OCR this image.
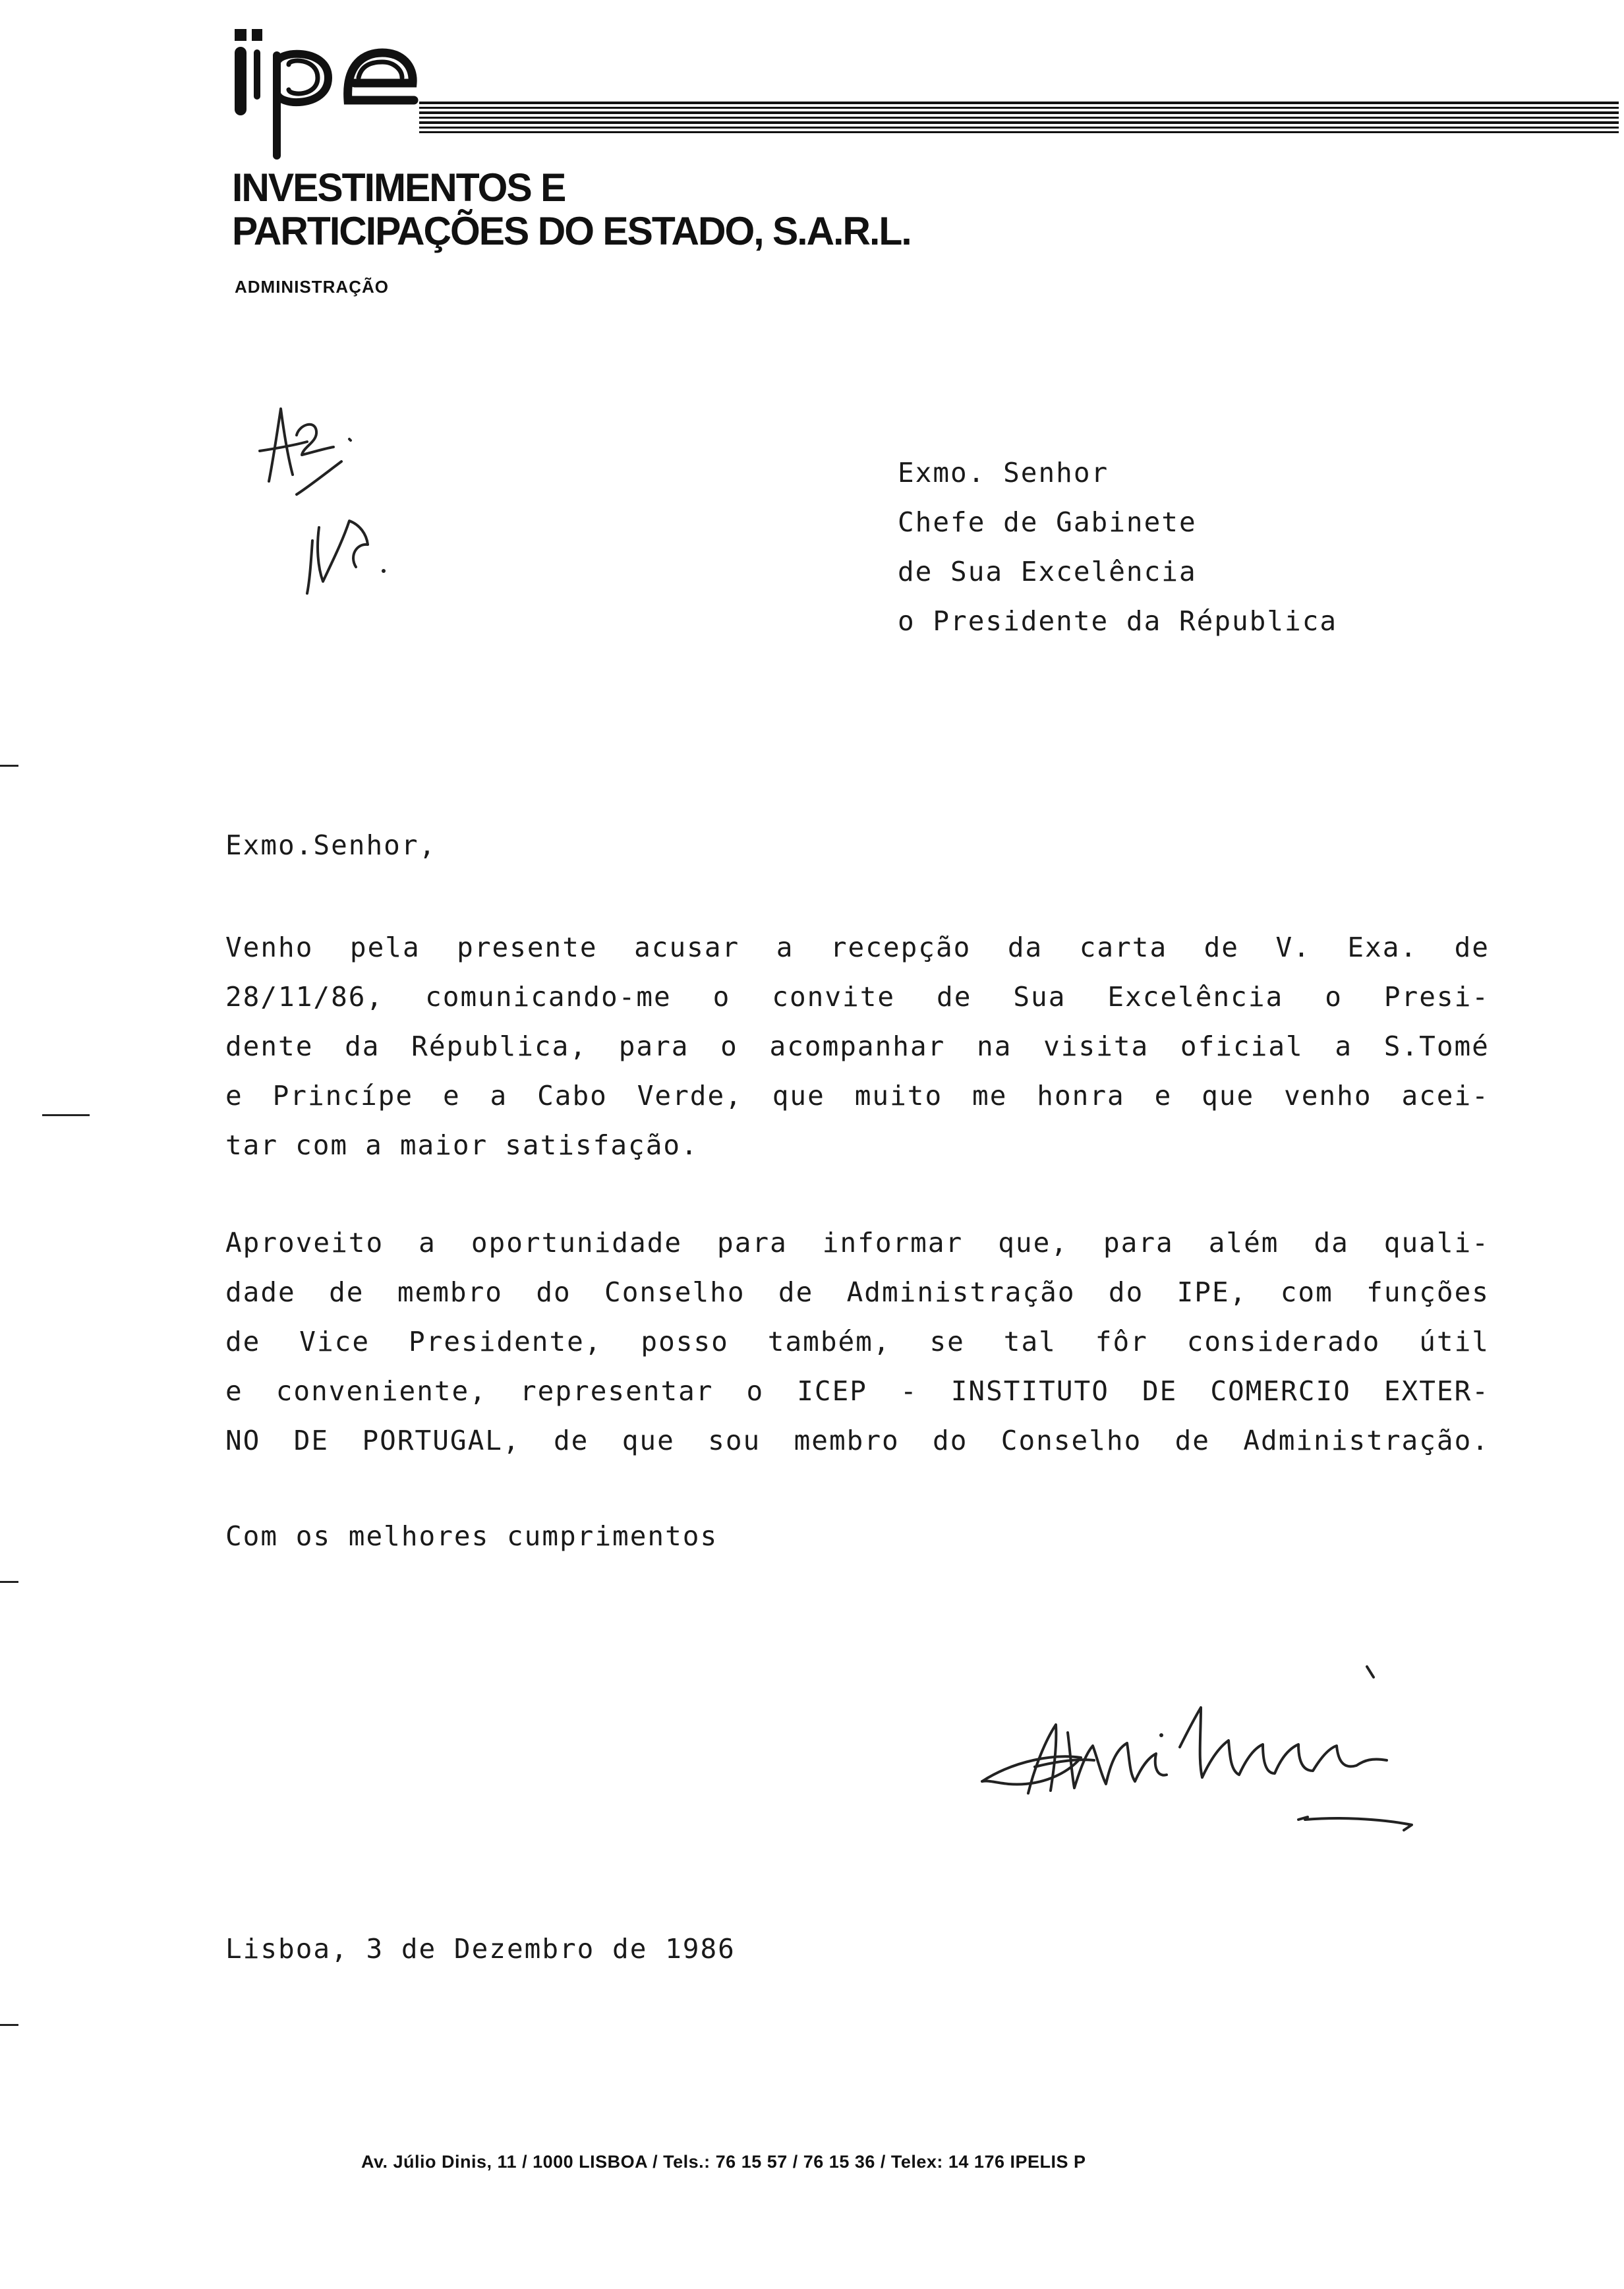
INVESTIMENTOS E
PARTICIPAÇÕES DO ESTADO, S.A.R.L.
ADMINISTRAÇÃO
Exmo. Senhor
Chefe de Gabinete
de Sua Excelência
o Presidente da Républica
Exmo.Senhor,
Venho pela presente acusar a recepção da carta de V. Exa. de
28/11/86, comunicando-me o convite de Sua Excelência o Presi-
dente da Républica, para o acompanhar na visita oficial a S.Tomé
e Princípe e a Cabo Verde, que muito me honra e que venho acei-
tar com a maior satisfação.
Aproveito a oportunidade para informar que, para além da quali-
dade de membro do Conselho de Administração do IPE, com funções
de Vice Presidente, posso também, se tal fôr considerado útil
e conveniente, representar o ICEP - INSTITUTO DE COMERCIO EXTER-
NO DE PORTUGAL, de que sou membro do Conselho de Administração.
Com os melhores cumprimentos
Lisboa, 3 de Dezembro de 1986
Av. Júlio Dinis, 11 / 1000 LISBOA / Tels.: 76 15 57 / 76 15 36 / Telex: 14 176 IPELIS P
